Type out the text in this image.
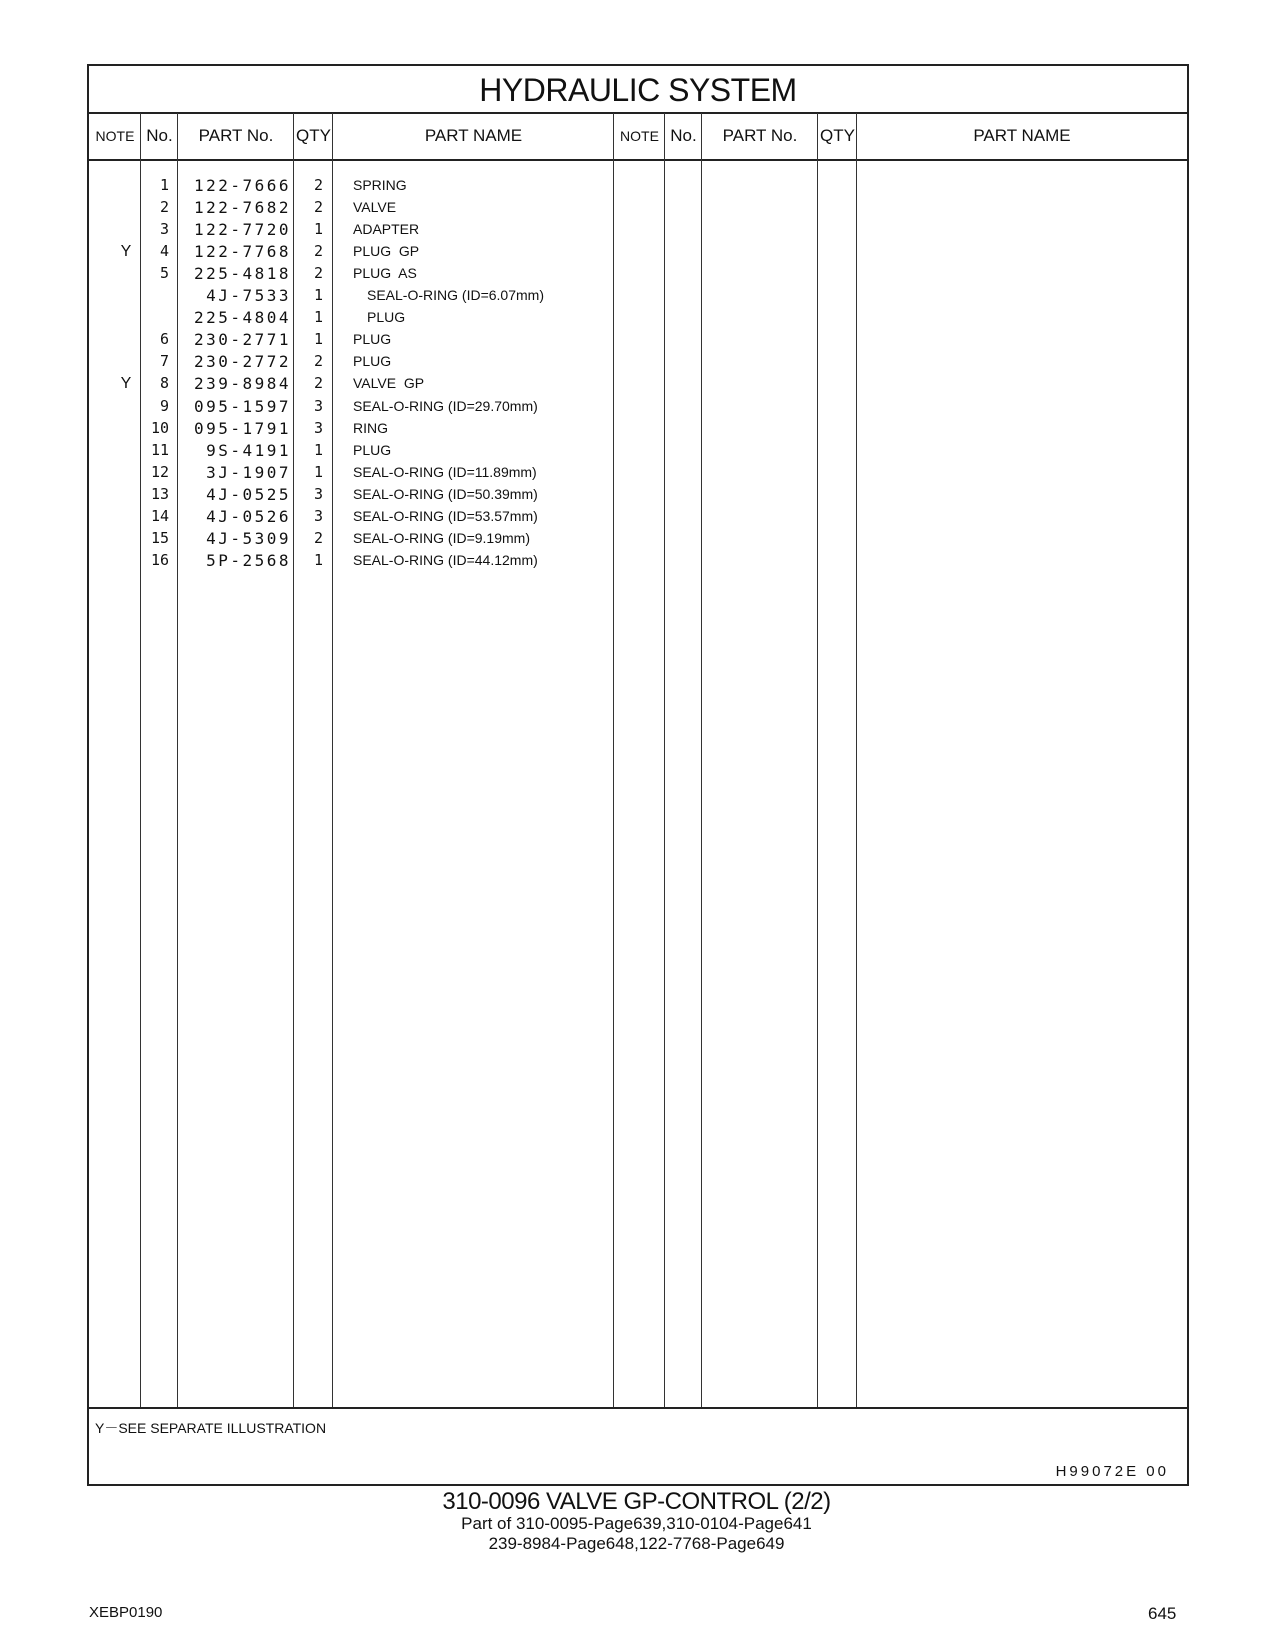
HYDRAULIC SYSTEM
NOTE No.	PART No.	QTY	PART NAME	NOTE No.	PART No.	QTY	PART NAME
1	122-7666	2 SPRING
2	122-7682	2 VALVE
3	122-7720	1 ADAPTER
Y	4	122-7768	2 PLUG  GP
5	225-4818	2 PLUG  AS
4J-7533	1	SEAL-O-RING (ID=6.07mm)
225-4804	1	PLUG
6	230-2771	1 PLUG
7	230-2772	2 PLUG
Y	8	239-8984	2 VALVE  GP
9	095-1597	3 SEAL-O-RING (ID=29.70mm)
10	095-1791	3 RING
11	9S-4191	1 PLUG
12	3J-1907	1 SEAL-O-RING (ID=11.89mm)
13	4J-0525	3 SEAL-O-RING (ID=50.39mm)
14	4J-0526	3 SEAL-O-RING (ID=53.57mm)
15	4J-5309	2 SEAL-O-RING (ID=9.19mm)
16	5P-2568	1 SEAL-O-RING (ID=44.12mm)
Y－SEE SEPARATE ILLUSTRATION
H99072E 00
310-0096 VALVE GP-CONTROL (2/2)
Part of 310-0095-Page639,310-0104-Page641
239-8984-Page648,122-7768-Page649
XEBP0190	645
